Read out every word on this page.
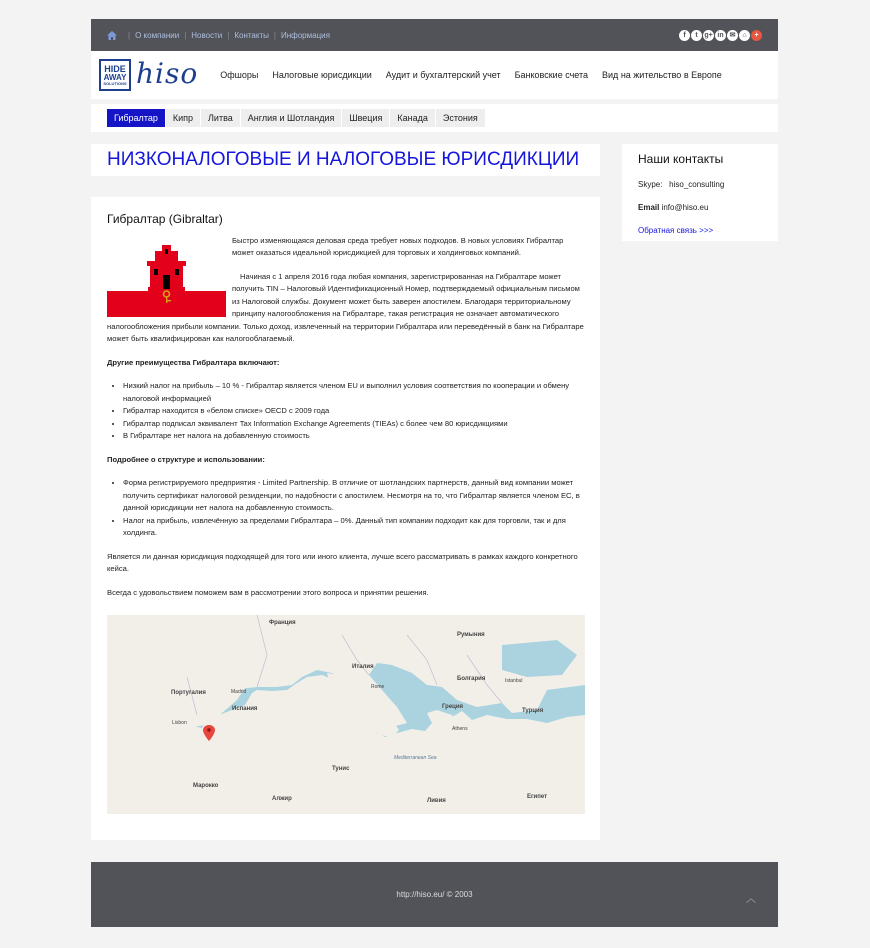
| О компании | Новости | Контакты | Информация	f	t g+ in ✉ ⌂	+
HIDE
AWAY
SOLUTIONS hiso Офшоры Налоговые юрисдикции Аудит и бухгалтерский учет Банковские счета Вид на жительство в Европе
Гибралтар	Кипр	Литва	Англия и Шотландия	Швеция	Канада	Эстония
НИЗКОНАЛОГОВЫЕ И НАЛОГОВЫЕ ЮРИСДИКЦИИ	Наши контакты

Skype: hiso_consulting

Email info@hiso.eu

Обратная связь >>>

Гибралтар (Gibraltar)

Быстро изменяющаяся деловая среда требует новых подходов. В новых условиях Гибралтар может оказаться идеальной юрисдикцией для торговых и холдинговых компаний.

Начиная с 1 апреля 2016 года любая компания, зарегистрированная на Гибралтаре может получить TIN – Налоговый Идентификационный Номер, подтверждаемый официальным письмом из Налоговой службы. Документ может быть заверен апостилем. Благодаря территориальному принципу налогообложения на Гибралтаре, такая регистрация не означает автоматического налогообложения прибыли компании. Только доход, извлеченный на территории Гибралтара или переведённый в банк на Гибралтаре может быть квалифицирован как налогооблагаемый.

Другие преимущества Гибралтара включают:
• Низкий налог на прибыль – 10 % - Гибралтар является членом EU и выполнил условия соответствия по кооперации и обмену налоговой информацией
• Гибралтар находится в «белом списке» OECD с 2009 года
• Гибралтар подписал эквивалент Tax Information Exchange Agreements (TIEAs) с более чем 80 юрисдикциями
• В Гибралтаре нет налога на добавленную стоимость
Подробнее о структуре и использовании:
• Форма регистрируемого предприятия - Limited Partnership. В отличие от шотландских партнерств, данный вид компании может получить сертификат налоговой резиденции, по надобности с апостилем. Несмотря на то, что Гибралтар является членом ЕС, в данной юрисдикции нет налога на добавленную стоимость.
• Налог на прибыль, извлечённую за пределами Гибралтара – 0%. Данный тип компании подходит как для торговли, так и для холдинга.

Является ли данная юрисдикция подходящей для того или иного клиента, лучше всего рассматривать в рамках каждого конкретного кейса.

Всегда с удовольствием поможем вам в рассмотрении этого вопроса и принятии решения.

Франция
Румыния
Италия
Болгария	Istanbul
Португалия	Madrid
Rome
Испания
Lisbon
Греция
Athens
Турция
Mediterranean Sea
Тунис
Марокко
Алжир	Ливия
Египет
http://hiso.eu/ © 2003	︿
